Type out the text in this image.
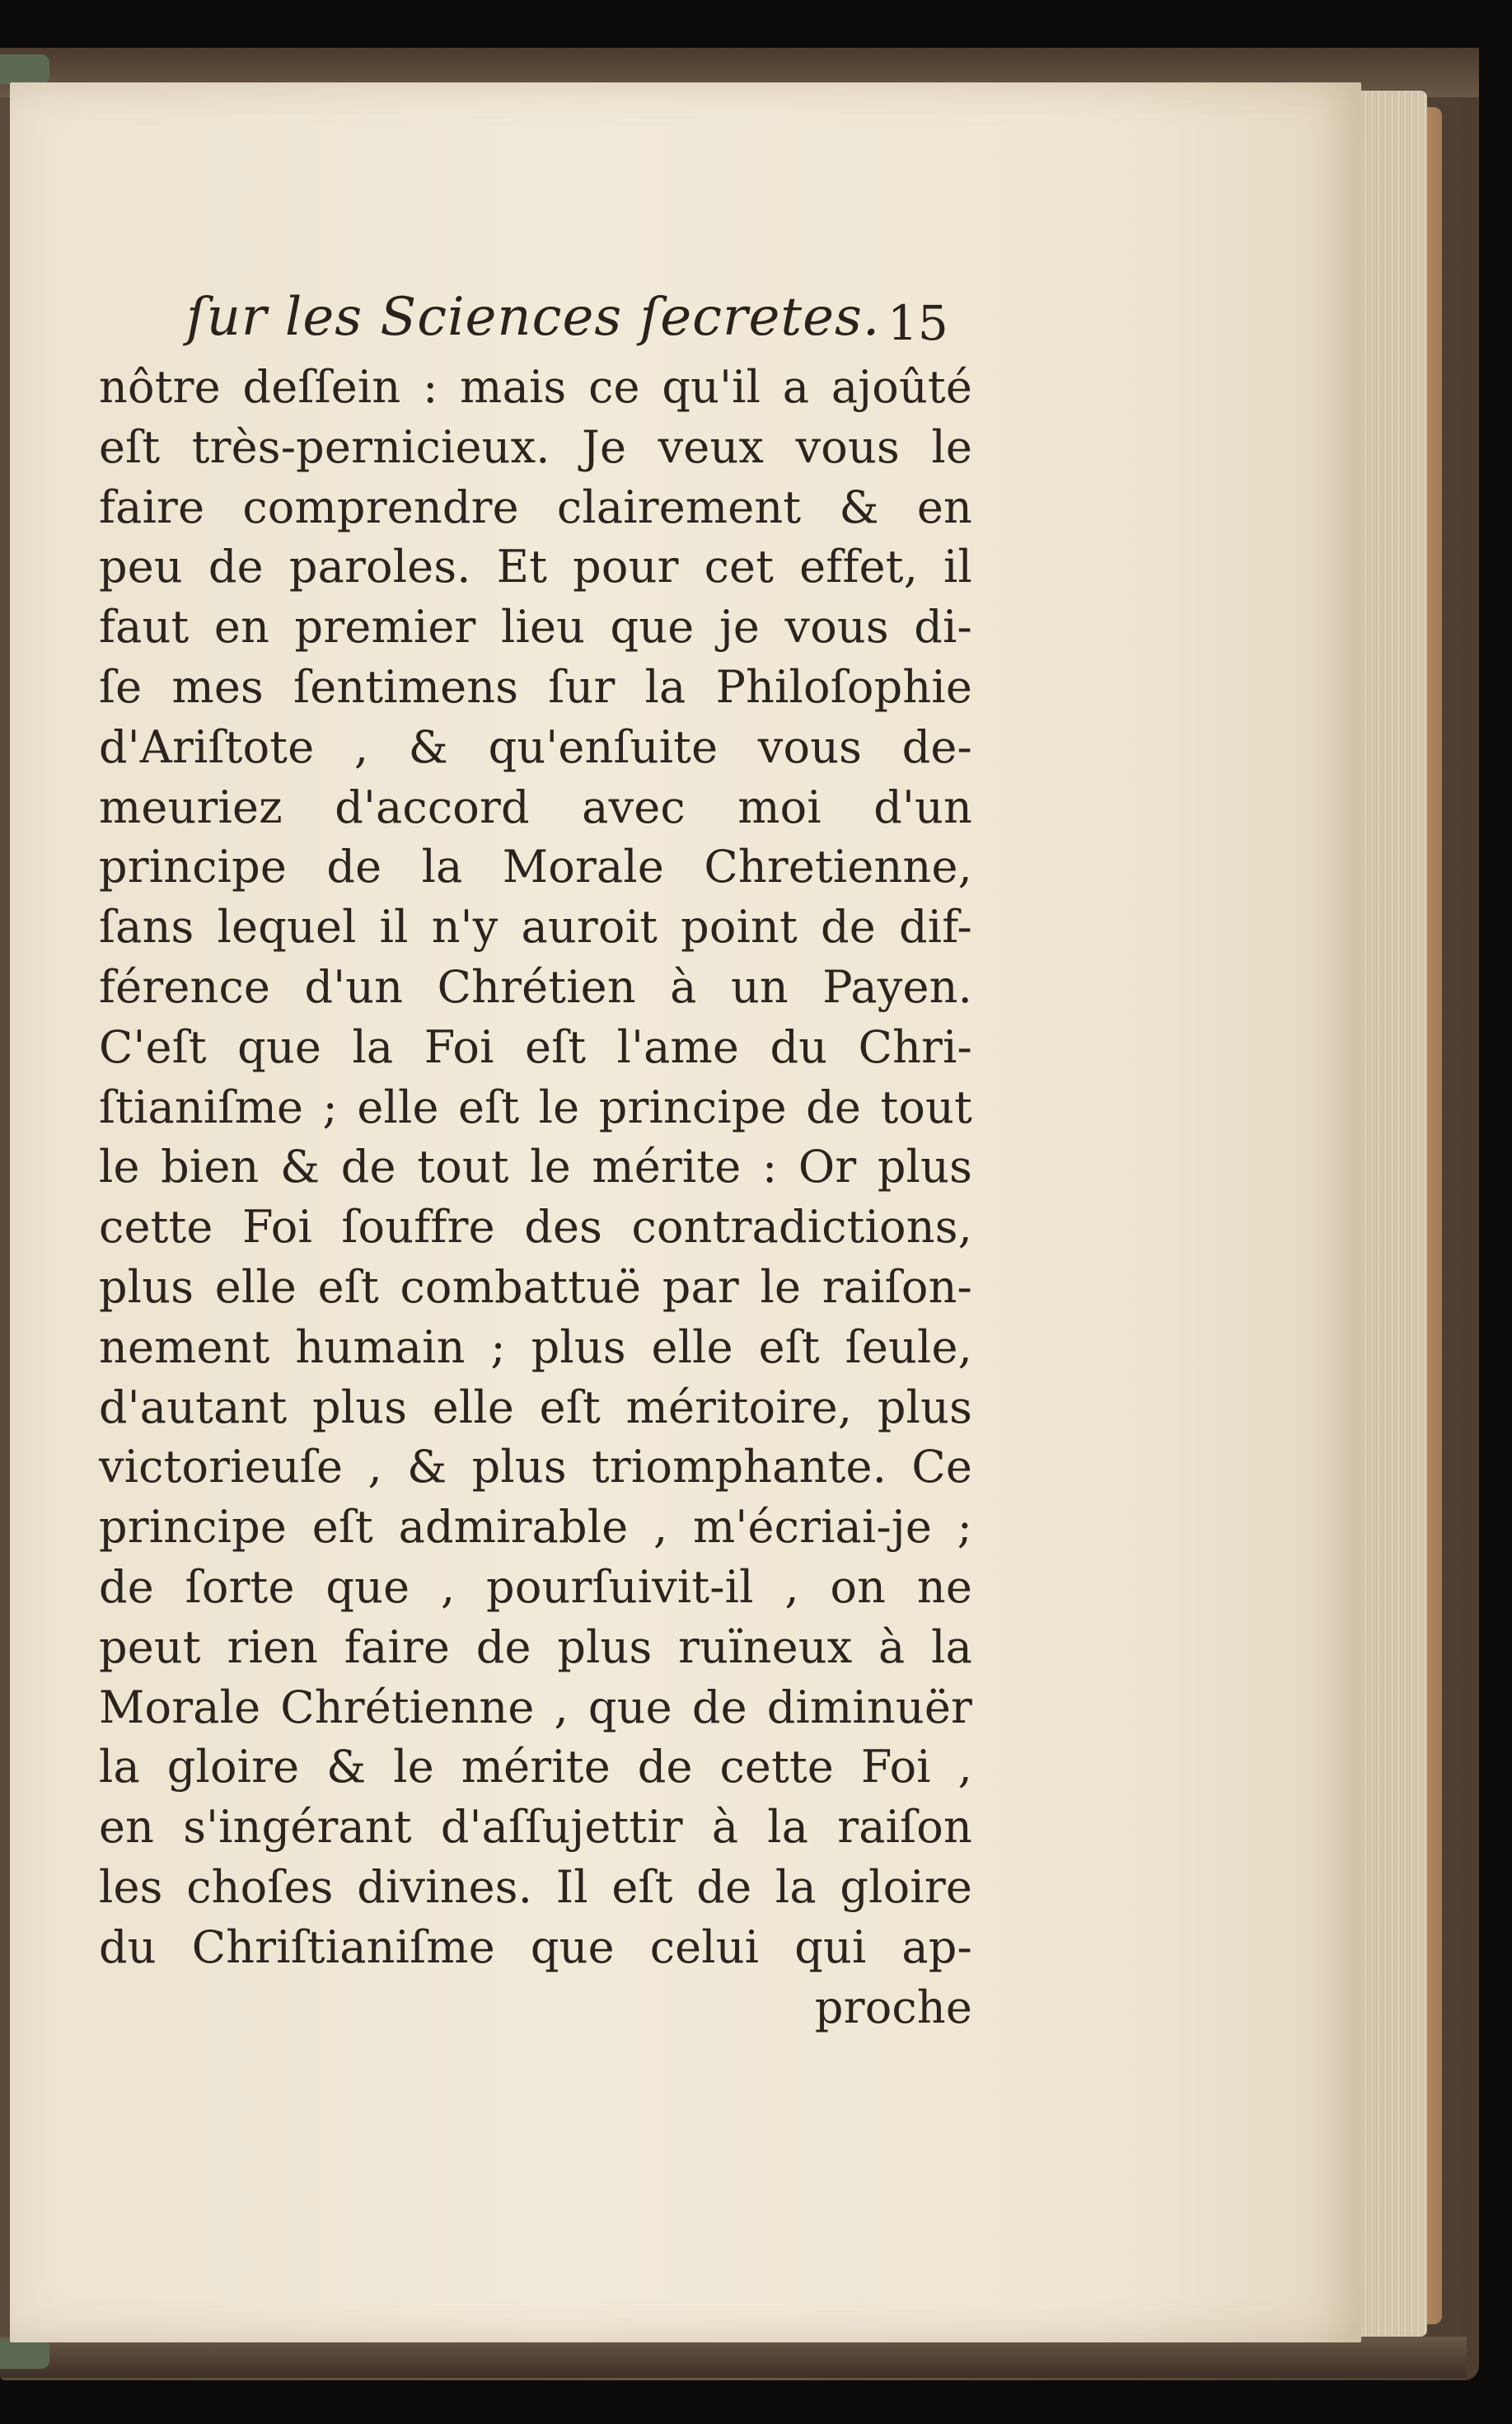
ſur les Sciences ſecretes. 15
nôtre deſſein : mais ce qu'il a ajoûté
eſt très-pernicieux. Je veux vous le
faire comprendre clairement & en
peu de paroles. Et pour cet effet, il
faut en premier lieu que je vous di-
ſe mes ſentimens ſur la Philoſophie
d'Ariſtote , & qu'enſuite vous de-
meuriez d'accord avec moi d'un
principe de la Morale Chretienne,
ſans lequel il n'y auroit point de dif-
férence d'un Chrétien à un Payen.
C'eſt que la Foi eſt l'ame du Chri-
ſtianiſme ; elle eſt le principe de tout
le bien & de tout le mérite : Or plus
cette Foi ſouffre des contradictions,
plus elle eſt combattuë par le raiſon-
nement humain ; plus elle eſt ſeule,
d'autant plus elle eſt méritoire, plus
victorieuſe , & plus triomphante. Ce
principe eſt admirable , m'écriai-je ;
de ſorte que , pourſuivit-il , on ne
peut rien faire de plus ruïneux à la
Morale Chrétienne , que de diminuër
la gloire & le mérite de cette Foi ,
en s'ingérant d'aſſujettir à la raiſon
les choſes divines. Il eſt de la gloire
du Chriſtianiſme que celui qui ap-
proche
